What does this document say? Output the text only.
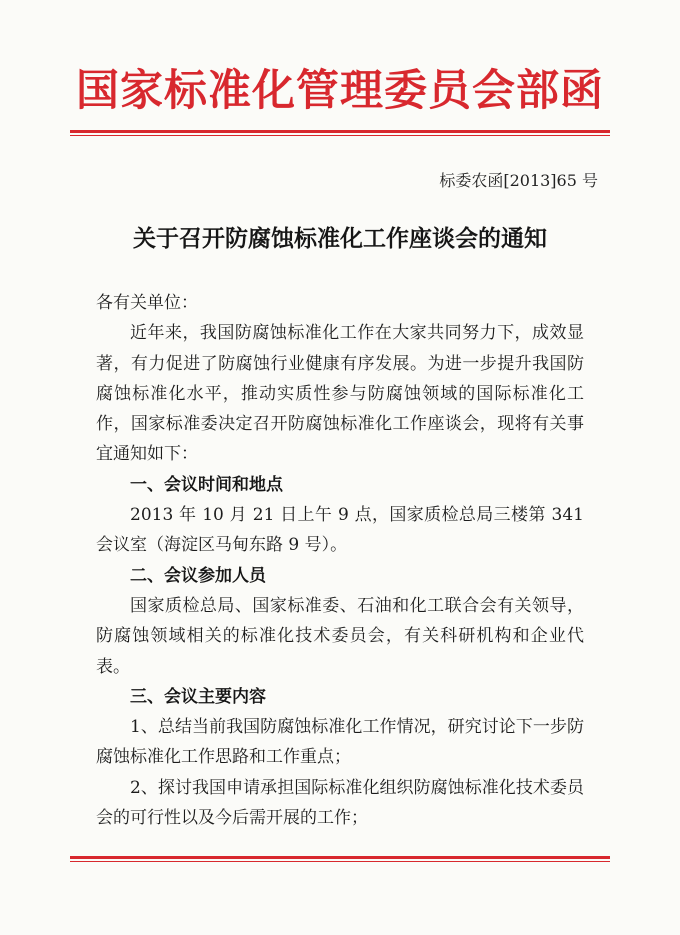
国家标准化管理委员会部函
标委农函[2013]65 号
关于召开防腐蚀标准化工作座谈会的通知

各有关单位：

近年来，我国防腐蚀标准化工作在大家共同努力下，成效显著，有力促进了防腐蚀行业健康有序发展。为进一步提升我国防腐蚀标准化水平，推动实质性参与防腐蚀领域的国际标准化工作，国家标准委决定召开防腐蚀标准化工作座谈会，现将有关事宜通知如下：

一、会议时间和地点

2013 年 10 月 21 日上午 9 点，国家质检总局三楼第 341 会议室（海淀区马甸东路 9 号）。

二、会议参加人员

国家质检总局、国家标准委、石油和化工联合会有关领导，防腐蚀领域相关的标准化技术委员会，有关科研机构和企业代表。

三、会议主要内容

1、总结当前我国防腐蚀标准化工作情况，研究讨论下一步防腐蚀标准化工作思路和工作重点；

2、探讨我国申请承担国际标准化组织防腐蚀标准化技术委员会的可行性以及今后需开展的工作；
